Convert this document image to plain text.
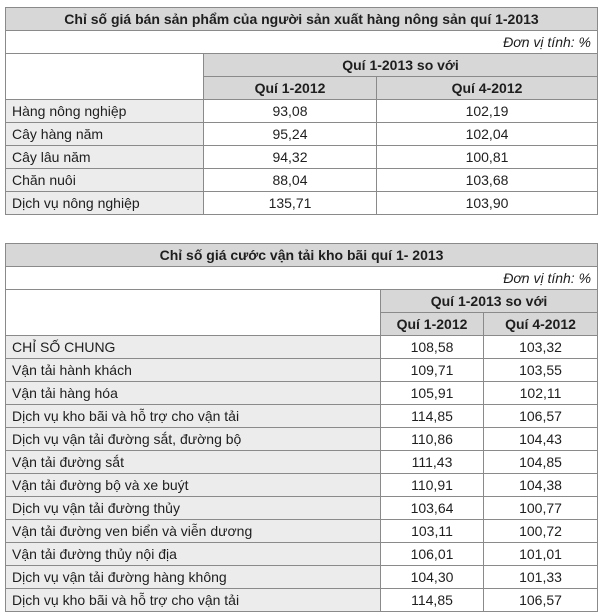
Chỉ số giá bán sản phẩm của người sản xuất hàng nông sản quí 1-2013		
Đơn vị tính: %		
	Quí 1-2013 so với	
	Quí 1-2012	Quí 4-2012
Hàng nông nghiệp	93,08	102,19
Cây hàng năm	95,24	102,04
Cây lâu năm	94,32	100,81
Chăn nuôi	88,04	103,68
Dịch vụ nông nghiệp	135,71	103,90
Chỉ số giá cước vận tải kho bãi quí 1- 2013		
Đơn vị tính: %		
	Quí 1-2013 so với	
	Quí 1-2012	Quí 4-2012
CHỈ SỐ CHUNG	108,58	103,32
Vận tải hành khách	109,71	103,55
Vận tải hàng hóa	105,91	102,11
Dịch vụ kho bãi và hỗ trợ cho vận tải	114,85	106,57
Dịch vụ vận tải đường sắt, đường bộ	110,86	104,43
Vận tải đường sắt	111,43	104,85
Vận tải đường bộ và xe buýt	110,91	104,38
Dịch vụ vận tải đường thủy	103,64	100,77
Vận tải đường ven biển và viễn dương	103,11	100,72
Vận tải đường thủy nội địa	106,01	101,01
Dịch vụ vận tải đường hàng không	104,30	101,33
Dịch vụ kho bãi và hỗ trợ cho vận tải	114,85	106,57
